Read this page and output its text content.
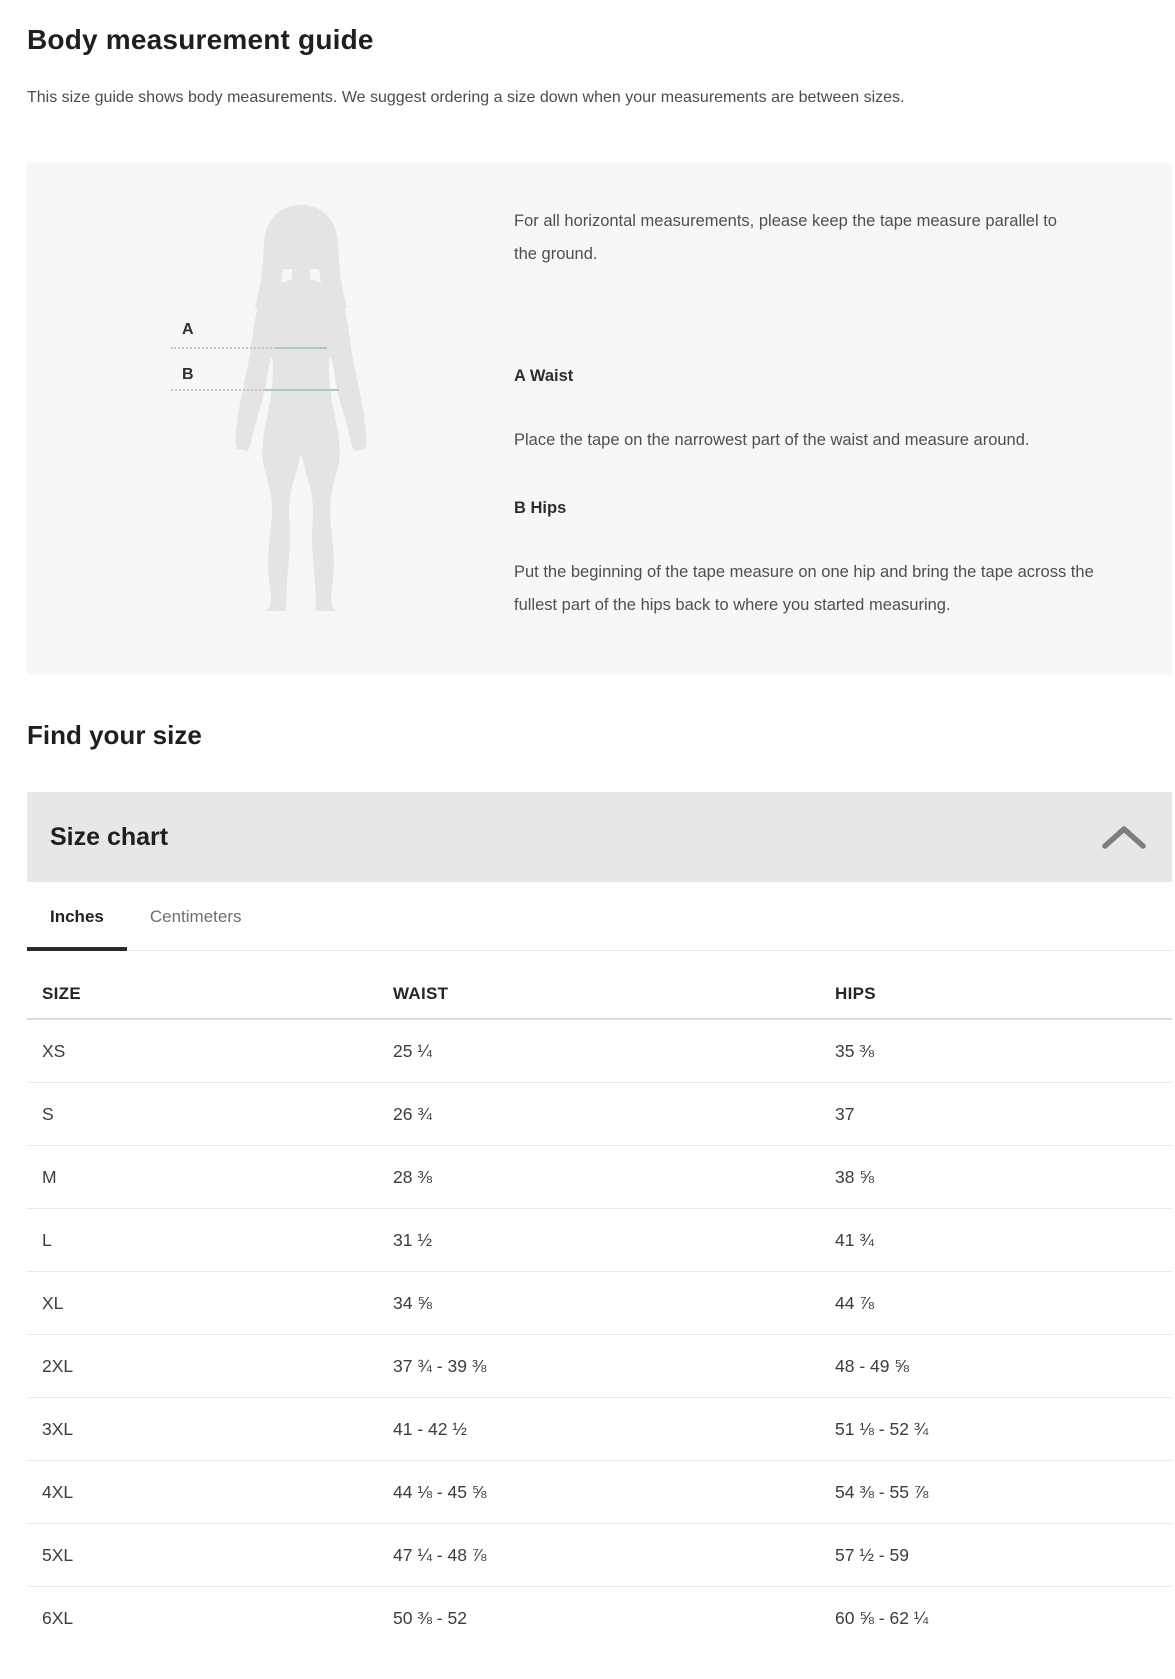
Body measurement guide

This size guide shows body measurements. We suggest ordering a size down when your measurements are between sizes.

A
B

For all horizontal measurements, please keep the tape measure parallel to the ground.

A Waist

Place the tape on the narrowest part of the waist and measure around.

B Hips

Put the beginning of the tape measure on one hip and bring the tape across the fullest part of the hips back to where you started measuring.

Find your size
Size chart
Inches	Centimeters
SIZE	WAIST	HIPS
XS	25 ¼	35 ⅜
S	26 ¾	37
M	28 ⅜	38 ⅝
L	31 ½	41 ¾
XL	34 ⅝	44 ⅞
2XL	37 ¾ - 39 ⅜	48 - 49 ⅝
3XL	41 - 42 ½	51 ⅛ - 52 ¾
4XL	44 ⅛ - 45 ⅝	54 ⅜ - 55 ⅞
5XL	47 ¼ - 48 ⅞	57 ½ - 59
6XL	50 ⅜ - 52	60 ⅝ - 62 ¼
